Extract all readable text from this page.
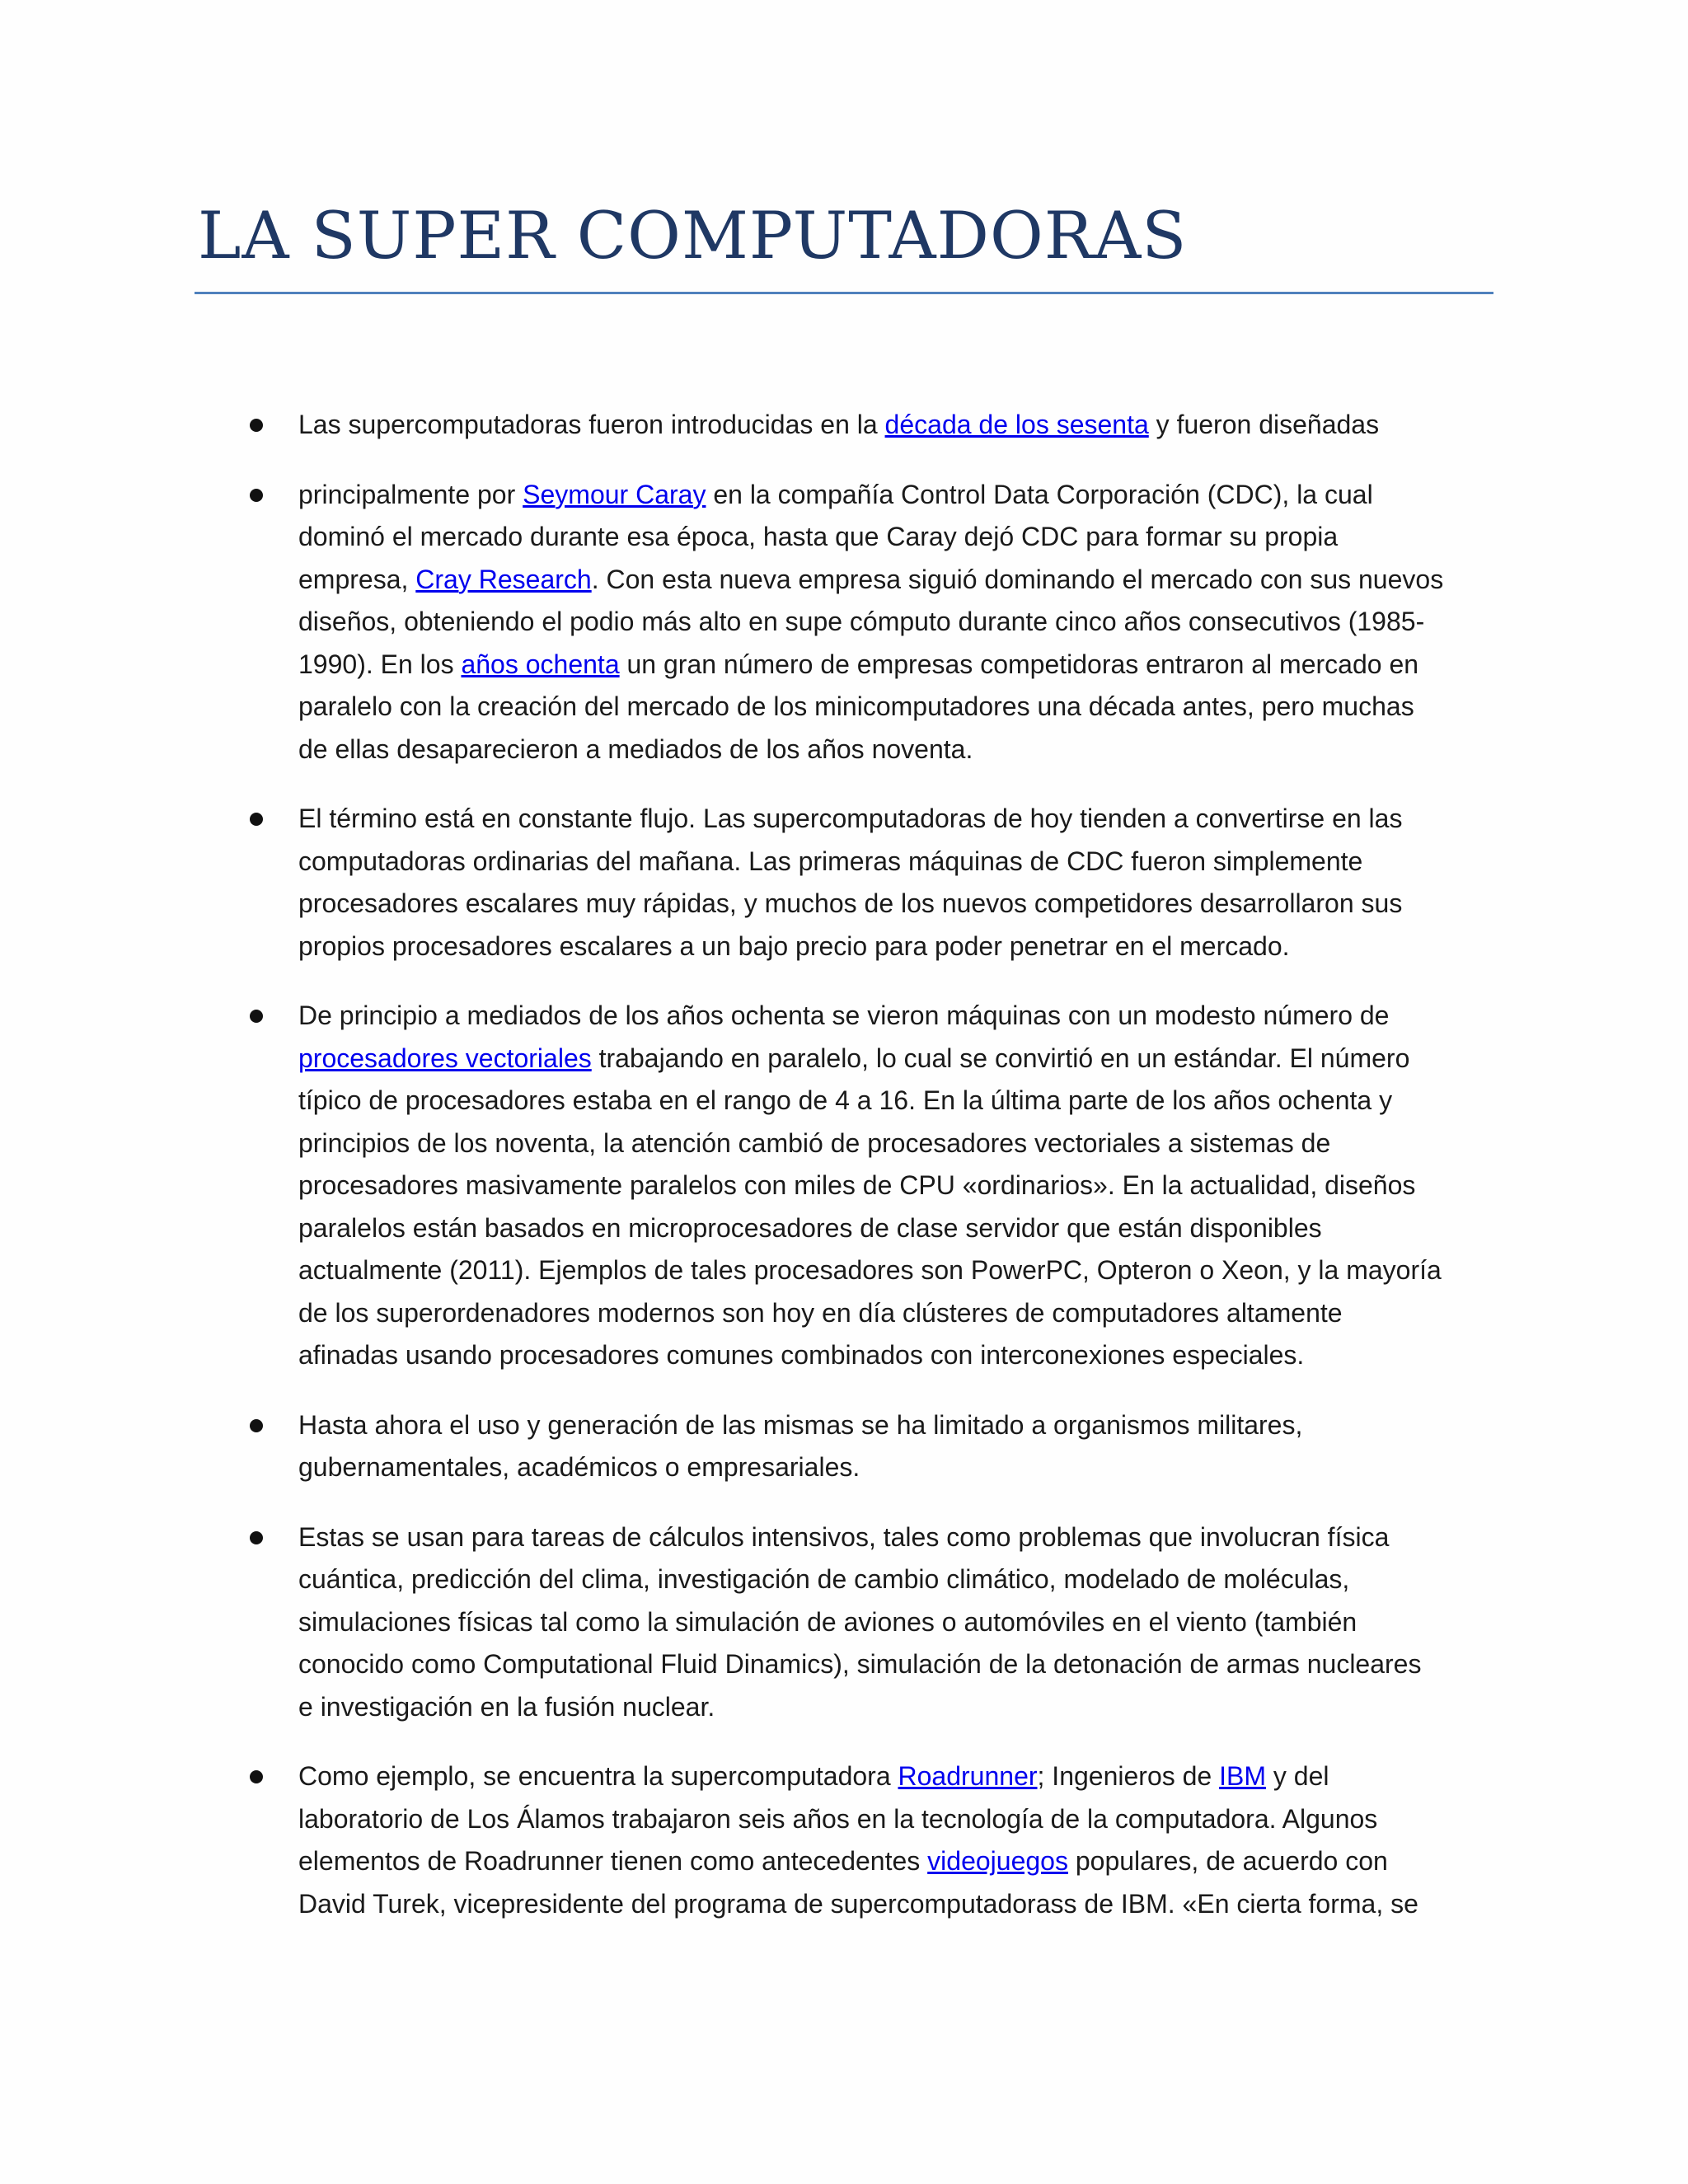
LA SUPER COMPUTADORAS
Las supercomputadoras fueron introducidas en la década de los sesenta y fueron diseñadas
principalmente por Seymour Caray en la compañía Control Data Corporación (CDC), la cual
dominó el mercado durante esa época, hasta que Caray dejó CDC para formar su propia
empresa, Cray Research. Con esta nueva empresa siguió dominando el mercado con sus nuevos
diseños, obteniendo el podio más alto en supe cómputo durante cinco años consecutivos (1985-
1990). En los años ochenta un gran número de empresas competidoras entraron al mercado en
paralelo con la creación del mercado de los minicomputadores una década antes, pero muchas
de ellas desaparecieron a mediados de los años noventa.
El término está en constante flujo. Las supercomputadoras de hoy tienden a convertirse en las
computadoras ordinarias del mañana. Las primeras máquinas de CDC fueron simplemente
procesadores escalares muy rápidas, y muchos de los nuevos competidores desarrollaron sus
propios procesadores escalares a un bajo precio para poder penetrar en el mercado.
De principio a mediados de los años ochenta se vieron máquinas con un modesto número de
procesadores vectoriales trabajando en paralelo, lo cual se convirtió en un estándar. El número
típico de procesadores estaba en el rango de 4 a 16. En la última parte de los años ochenta y
principios de los noventa, la atención cambió de procesadores vectoriales a sistemas de
procesadores masivamente paralelos con miles de CPU «ordinarios». En la actualidad, diseños
paralelos están basados en microprocesadores de clase servidor que están disponibles
actualmente (2011). Ejemplos de tales procesadores son PowerPC, Opteron o Xeon, y la mayoría
de los superordenadores modernos son hoy en día clústeres de computadores altamente
afinadas usando procesadores comunes combinados con interconexiones especiales.
Hasta ahora el uso y generación de las mismas se ha limitado a organismos militares,
gubernamentales, académicos o empresariales.
Estas se usan para tareas de cálculos intensivos, tales como problemas que involucran física
cuántica, predicción del clima, investigación de cambio climático, modelado de moléculas,
simulaciones físicas tal como la simulación de aviones o automóviles en el viento (también
conocido como Computational Fluid Dinamics), simulación de la detonación de armas nucleares
e investigación en la fusión nuclear.
Como ejemplo, se encuentra la supercomputadora Roadrunner; Ingenieros de IBM y del
laboratorio de Los Álamos trabajaron seis años en la tecnología de la computadora. Algunos
elementos de Roadrunner tienen como antecedentes videojuegos populares, de acuerdo con
David Turek, vicepresidente del programa de supercomputadorass de IBM. «En cierta forma, se
